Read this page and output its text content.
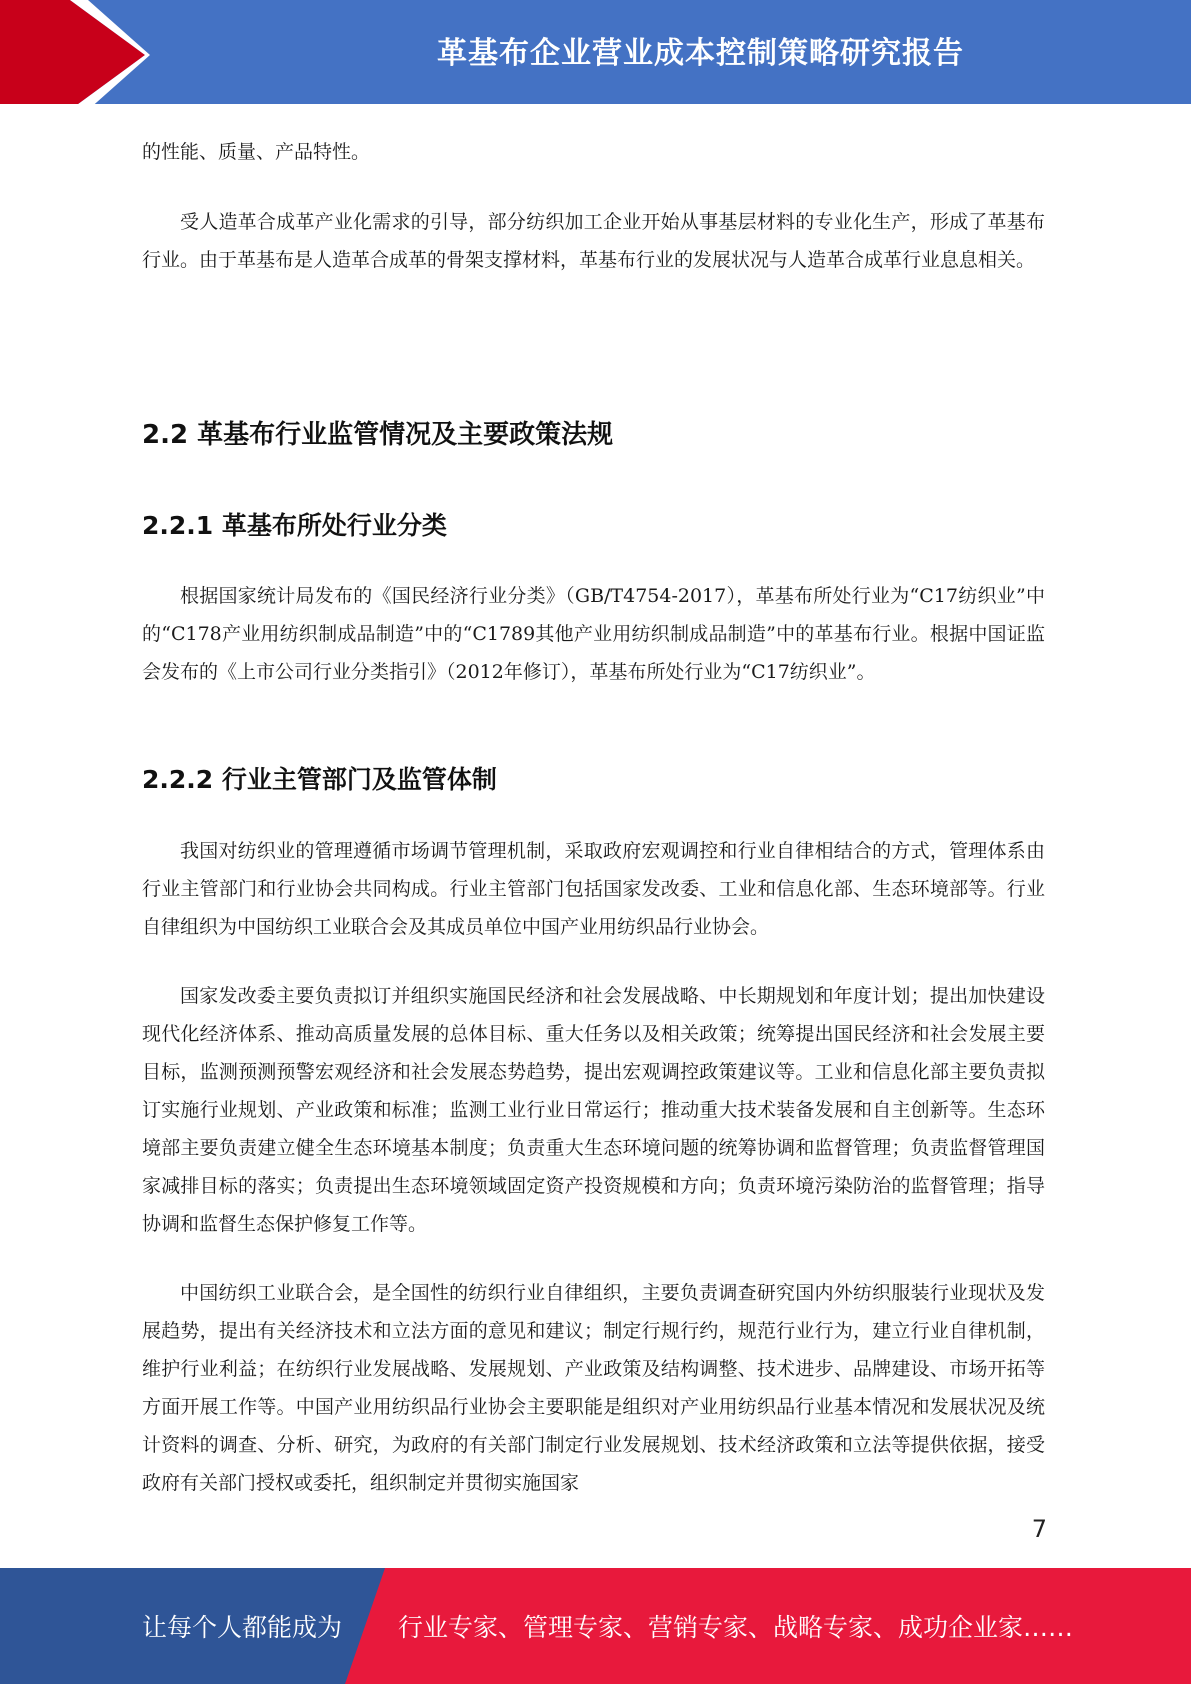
革基布企业营业成本控制策略研究报告

的性能、质量、产品特性。

受人造革合成革产业化需求的引导，部分纺织加工企业开始从事基层材料的专业化生产，形成了革基布行业。由于革基布是人造革合成革的骨架支撑材料，革基布行业的发展状况与人造革合成革行业息息相关。

2.2 革基布行业监管情况及主要政策法规
2.2.1 革基布所处行业分类

根据国家统计局发布的《国民经济行业分类》（GB/T4754-2017），革基布所处行业为“C17纺织业”中的“C178产业用纺织制成品制造”中的“C1789其他产业用纺织制成品制造”中的革基布行业。根据中国证监会发布的《上市公司行业分类指引》（2012年修订），革基布所处行业为“C17纺织业”。

2.2.2 行业主管部门及监管体制

我国对纺织业的管理遵循市场调节管理机制，采取政府宏观调控和行业自律相结合的方式，管理体系由行业主管部门和行业协会共同构成。行业主管部门包括国家发改委、工业和信息化部、生态环境部等。行业自律组织为中国纺织工业联合会及其成员单位中国产业用纺织品行业协会。

国家发改委主要负责拟订并组织实施国民经济和社会发展战略、中长期规划和年度计划；提出加快建设现代化经济体系、推动高质量发展的总体目标、重大任务以及相关政策；统筹提出国民经济和社会发展主要目标，监测预测预警宏观经济和社会发展态势趋势，提出宏观调控政策建议等。工业和信息化部主要负责拟订实施行业规划、产业政策和标准；监测工业行业日常运行；推动重大技术装备发展和自主创新等。生态环境部主要负责建立健全生态环境基本制度；负责重大生态环境问题的统筹协调和监督管理；负责监督管理国家减排目标的落实；负责提出生态环境领域固定资产投资规模和方向；负责环境污染防治的监督管理；指导协调和监督生态保护修复工作等。

中国纺织工业联合会，是全国性的纺织行业自律组织，主要负责调查研究国内外纺织服装行业现状及发展趋势，提出有关经济技术和立法方面的意见和建议；制定行规行约，规范行业行为，建立行业自律机制，维护行业利益；在纺织行业发展战略、发展规划、产业政策及结构调整、技术进步、品牌建设、市场开拓等方面开展工作等。中国产业用纺织品行业协会主要职能是组织对产业用纺织品行业基本情况和发展状况及统计资料的调查、分析、研究，为政府的有关部门制定行业发展规划、技术经济政策和立法等提供依据，接受政府有关部门授权或委托，组织制定并贯彻实施国家

7
让每个人都能成为 行业专家、管理专家、营销专家、战略专家、成功企业家……
